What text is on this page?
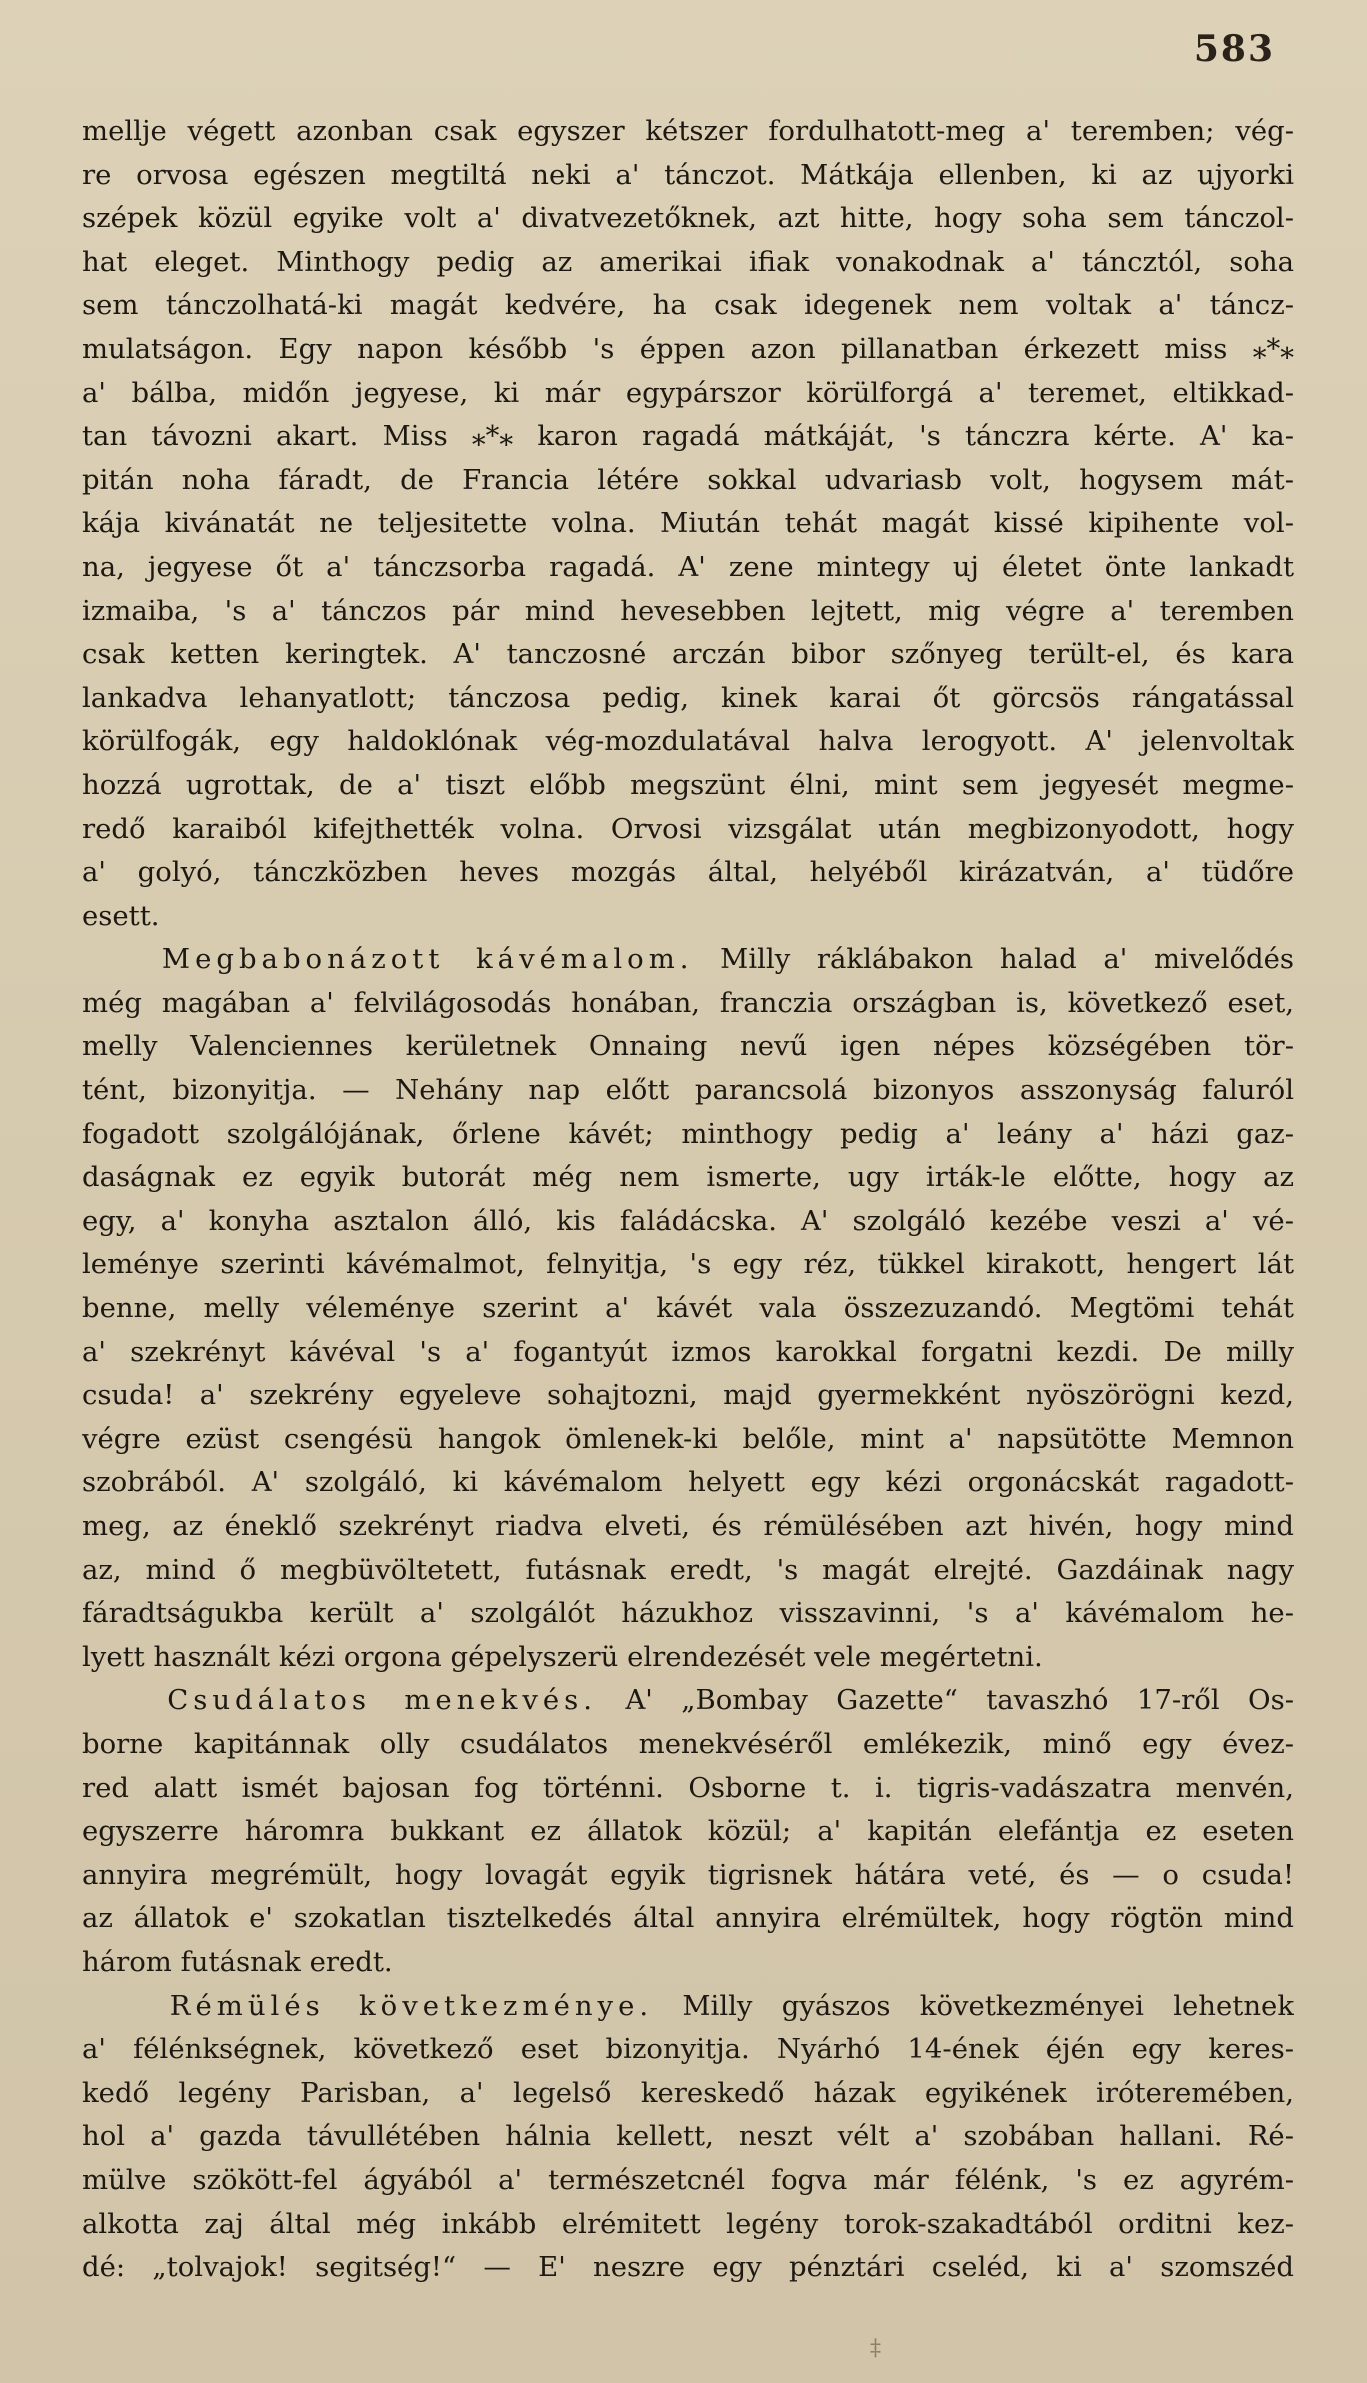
583
mellje végett azonban csak egyszer kétszer fordulhatott-meg a' teremben; vég-
re orvosa egészen megtiltá neki a' tánczot. Mátkája ellenben, ki az ujyorki
szépek közül egyike volt a' divatvezetőknek, azt hitte, hogy soha sem tánczol-
hat eleget. Minthogy pedig az amerikai ifiak vonakodnak a' táncztól, soha
sem tánczolhatá-ki magát kedvére, ha csak idegenek nem voltak a' táncz-
mulatságon. Egy napon később 's éppen azon pillanatban érkezett miss ⁎*⁎
a' bálba, midőn jegyese, ki már egypárszor körülforgá a' teremet, eltikkad-
tan távozni akart. Miss ⁎*⁎ karon ragadá mátkáját, 's tánczra kérte. A' ka-
pitán noha fáradt, de Francia létére sokkal udvariasb volt, hogysem mát-
kája kivánatát ne teljesitette volna. Miután tehát magát kissé kipihente vol-
na, jegyese őt a' tánczsorba ragadá. A' zene mintegy uj életet önte lankadt
izmaiba, 's a' tánczos pár mind hevesebben lejtett, mig végre a' teremben
csak ketten keringtek. A' tanczosné arczán bibor szőnyeg terült-el, és kara
lankadva lehanyatlott; tánczosa pedig, kinek karai őt görcsös rángatással
körülfogák, egy haldoklónak vég-mozdulatával halva lerogyott. A' jelenvoltak
hozzá ugrottak, de a' tiszt előbb megszünt élni, mint sem jegyesét megme-
redő karaiból kifejthették volna. Orvosi vizsgálat után megbizonyodott, hogy
a' golyó, tánczközben heves mozgás által, helyéből kirázatván, a' tüdőre
esett.
Megbabonázott kávémalom. Milly ráklábakon halad a' mivelődés
még magában a' felvilágosodás honában, franczia országban is, következő eset,
melly Valenciennes kerületnek Onnaing nevű igen népes községében tör-
tént, bizonyitja. — Nehány nap előtt parancsolá bizonyos asszonyság faluról
fogadott szolgálójának, őrlene kávét; minthogy pedig a' leány a' házi gaz-
daságnak ez egyik butorát még nem ismerte, ugy irták-le előtte, hogy az
egy, a' konyha asztalon álló, kis faládácska. A' szolgáló kezébe veszi a' vé-
leménye szerinti kávémalmot, felnyitja, 's egy réz, tükkel kirakott, hengert lát
benne, melly véleménye szerint a' kávét vala összezuzandó. Megtömi tehát
a' szekrényt kávéval 's a' fogantyút izmos karokkal forgatni kezdi. De milly
csuda! a' szekrény egyeleve sohajtozni, majd gyermekként nyöszörögni kezd,
végre ezüst csengésü hangok ömlenek-ki belőle, mint a' napsütötte Memnon
szobrából. A' szolgáló, ki kávémalom helyett egy kézi orgonácskát ragadott-
meg, az éneklő szekrényt riadva elveti, és rémülésében azt hivén, hogy mind
az, mind ő megbüvöltetett, futásnak eredt, 's magát elrejté. Gazdáinak nagy
fáradtságukba került a' szolgálót házukhoz visszavinni, 's a' kávémalom he-
lyett használt kézi orgona gépelyszerü elrendezését vele megértetni.
Csudálatos menekvés. A' „Bombay Gazette“ tavaszhó 17-ről Os-
borne kapitánnak olly csudálatos menekvéséről emlékezik, minő egy évez-
red alatt ismét bajosan fog történni. Osborne t. i. tigris-vadászatra menvén,
egyszerre háromra bukkant ez állatok közül; a' kapitán elefántja ez eseten
annyira megrémült, hogy lovagát egyik tigrisnek hátára veté, és — o csuda!
az állatok e' szokatlan tisztelkedés által annyira elrémültek, hogy rögtön mind
három futásnak eredt.
Rémülés következménye. Milly gyászos következményei lehetnek
a' félénkségnek, következő eset bizonyitja. Nyárhó 14-ének éjén egy keres-
kedő legény Parisban, a' legelső kereskedő házak egyikének iróteremében,
hol a' gazda távullétében hálnia kellett, neszt vélt a' szobában hallani. Ré-
mülve szökött-fel ágyából a' természetcnél fogva már félénk, 's ez agyrém-
alkotta zaj által még inkább elrémitett legény torok-szakadtából orditni kez-
dé: „tolvajok! segitség!“ — E' neszre egy pénztári cseléd, ki a' szomszéd
‡
